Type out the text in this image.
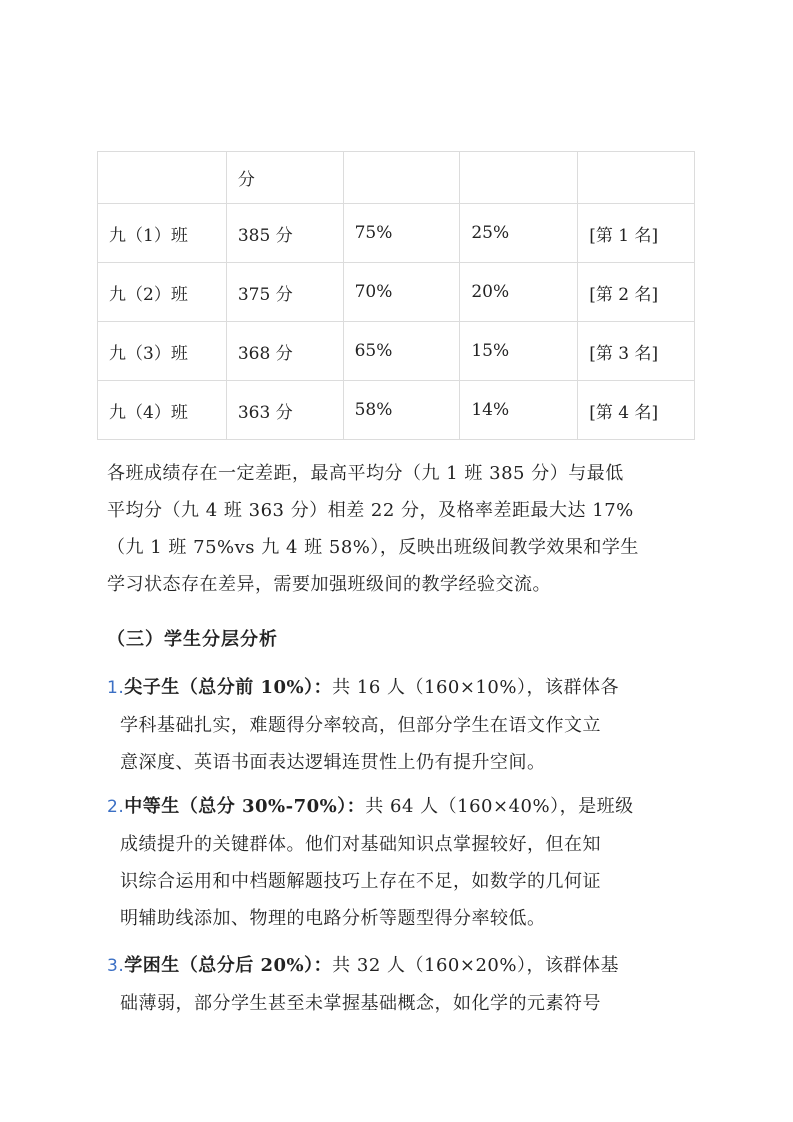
	分			
九（1）班	385 分	75%	25%	[第 1 名]
九（2）班	375 分	70%	20%	[第 2 名]
九（3）班	368 分	65%	15%	[第 3 名]
九（4）班	363 分	58%	14%	[第 4 名]
各班成绩存在一定差距，最高平均分（九 1 班 385 分）与最低
平均分（九 4 班 363 分）相差 22 分，及格率差距最大达 17%
（九 1 班 75%vs 九 4 班 58%），反映出班级间教学效果和学生
学习状态存在差异，需要加强班级间的教学经验交流。
（三）学生分层分析
1.尖子生（总分前 10%）：共 16 人（160×10%），该群体各
学科基础扎实，难题得分率较高，但部分学生在语文作文立
意深度、英语书面表达逻辑连贯性上仍有提升空间。
2.中等生（总分 30%-70%）：共 64 人（160×40%），是班级
成绩提升的关键群体。他们对基础知识点掌握较好，但在知
识综合运用和中档题解题技巧上存在不足，如数学的几何证
明辅助线添加、物理的电路分析等题型得分率较低。
3.学困生（总分后 20%）：共 32 人（160×20%），该群体基
础薄弱，部分学生甚至未掌握基础概念，如化学的元素符号
